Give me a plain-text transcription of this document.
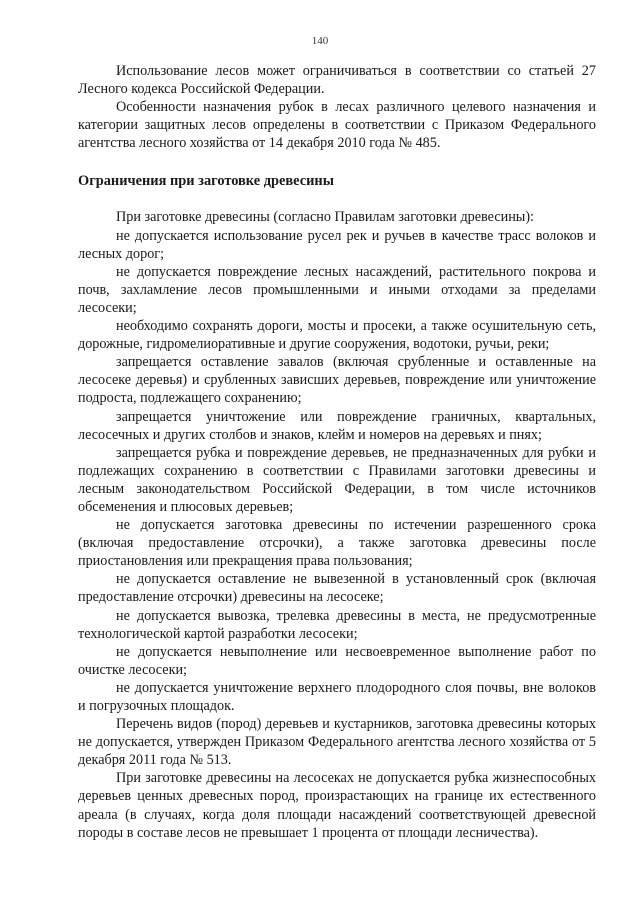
140

Использование лесов может ограничиваться в соответствии со статьей 27 Лесного кодекса Российской Федерации.

Особенности назначения рубок в лесах различного целевого назначения и категории защитных лесов определены в соответствии с Приказом Федерального агентства лесного хозяйства от 14 декабря 2010 года № 485.

Ограничения при заготовке древесины

При заготовке древесины (согласно Правилам заготовки древесины):

не допускается использование русел рек и ручьев в качестве трасс волоков и лесных дорог;

не допускается повреждение лесных насаждений, растительного покрова и почв, захламление лесов промышленными и иными отходами за пределами лесосеки;

необходимо сохранять дороги, мосты и просеки, а также осушительную сеть, дорожные, гидромелиоративные и другие сооружения, водотоки, ручьи, реки;

запрещается оставление завалов (включая срубленные и оставленные на лесосеке деревья) и срубленных зависших деревьев, повреждение или уничтожение подроста, подлежащего сохранению;

запрещается уничтожение или повреждение граничных, квартальных, лесосечных и других столбов и знаков, клейм и номеров на деревьях и пнях;

запрещается рубка и повреждение деревьев, не предназначенных для рубки и подлежащих сохранению в соответствии с Правилами заготовки древесины и лесным законодательством Российской Федерации, в том числе источников обсеменения и плюсовых деревьев;

не допускается заготовка древесины по истечении разрешенного срока (включая предоставление отсрочки), а также заготовка древесины после приостановления или прекращения права пользования;

не допускается оставление не вывезенной в установленный срок (включая предоставление отсрочки) древесины на лесосеке;

не допускается вывозка, трелевка древесины в места, не предусмотренные технологической картой разработки лесосеки;

не допускается невыполнение или несвоевременное выполнение работ по очистке лесосеки;

не допускается уничтожение верхнего плодородного слоя почвы, вне волоков и погрузочных площадок.

Перечень видов (пород) деревьев и кустарников, заготовка древесины которых не допускается, утвержден Приказом Федерального агентства лесного хозяйства от 5 декабря 2011 года № 513.

При заготовке древесины на лесосеках не допускается рубка жизнеспособных деревьев ценных древесных пород, произрастающих на границе их естественного ареала (в случаях, когда доля площади насаждений соответствующей древесной породы в составе лесов не превышает 1 процента от площади лесничества).
